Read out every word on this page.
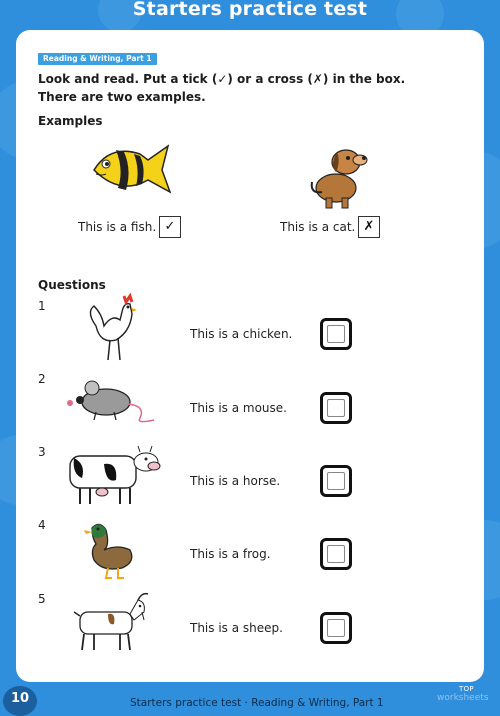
Starters practice test
Reading & Writing, Part 1
Look and read. Put a tick (✓) or a cross (✗) in the box.
There are two examples.
Examples
This is a fish. ✓	This is a cat. ✗
Questions
1
This is a chicken.
2
This is a mouse.
3
This is a horse.
4
This is a frog.
5
This is a sheep.
10	Starters practice test · Reading & Writing, Part 1
TOP
worksheets
